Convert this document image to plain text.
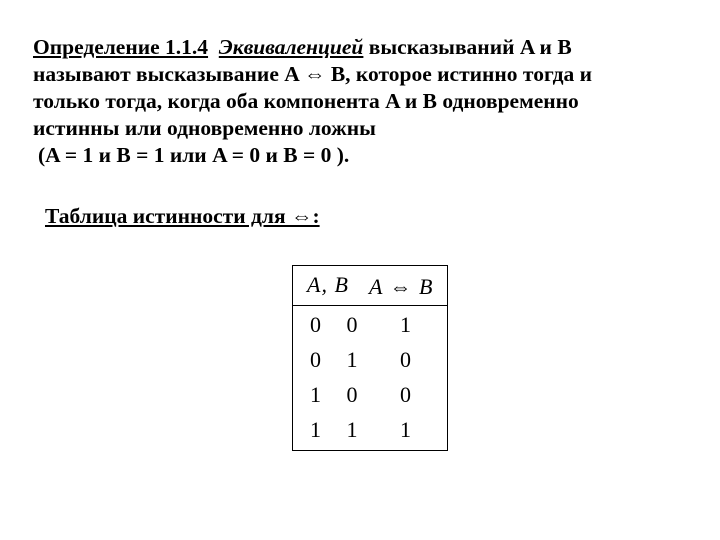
Определение 1.1.4 Эквиваленцией высказываний A и B
называют высказывание A ⇔ B, которое истинно тогда и
только тогда, когда оба компонента A и B одновременно
истинны или одновременно ложны
(A = 1 и B = 1 или A = 0 и B = 0 ).
Таблица истинности для ⇔:
A, B A ⇔ B
0 0 1
0 1 0
1 0 0
1 1 1
